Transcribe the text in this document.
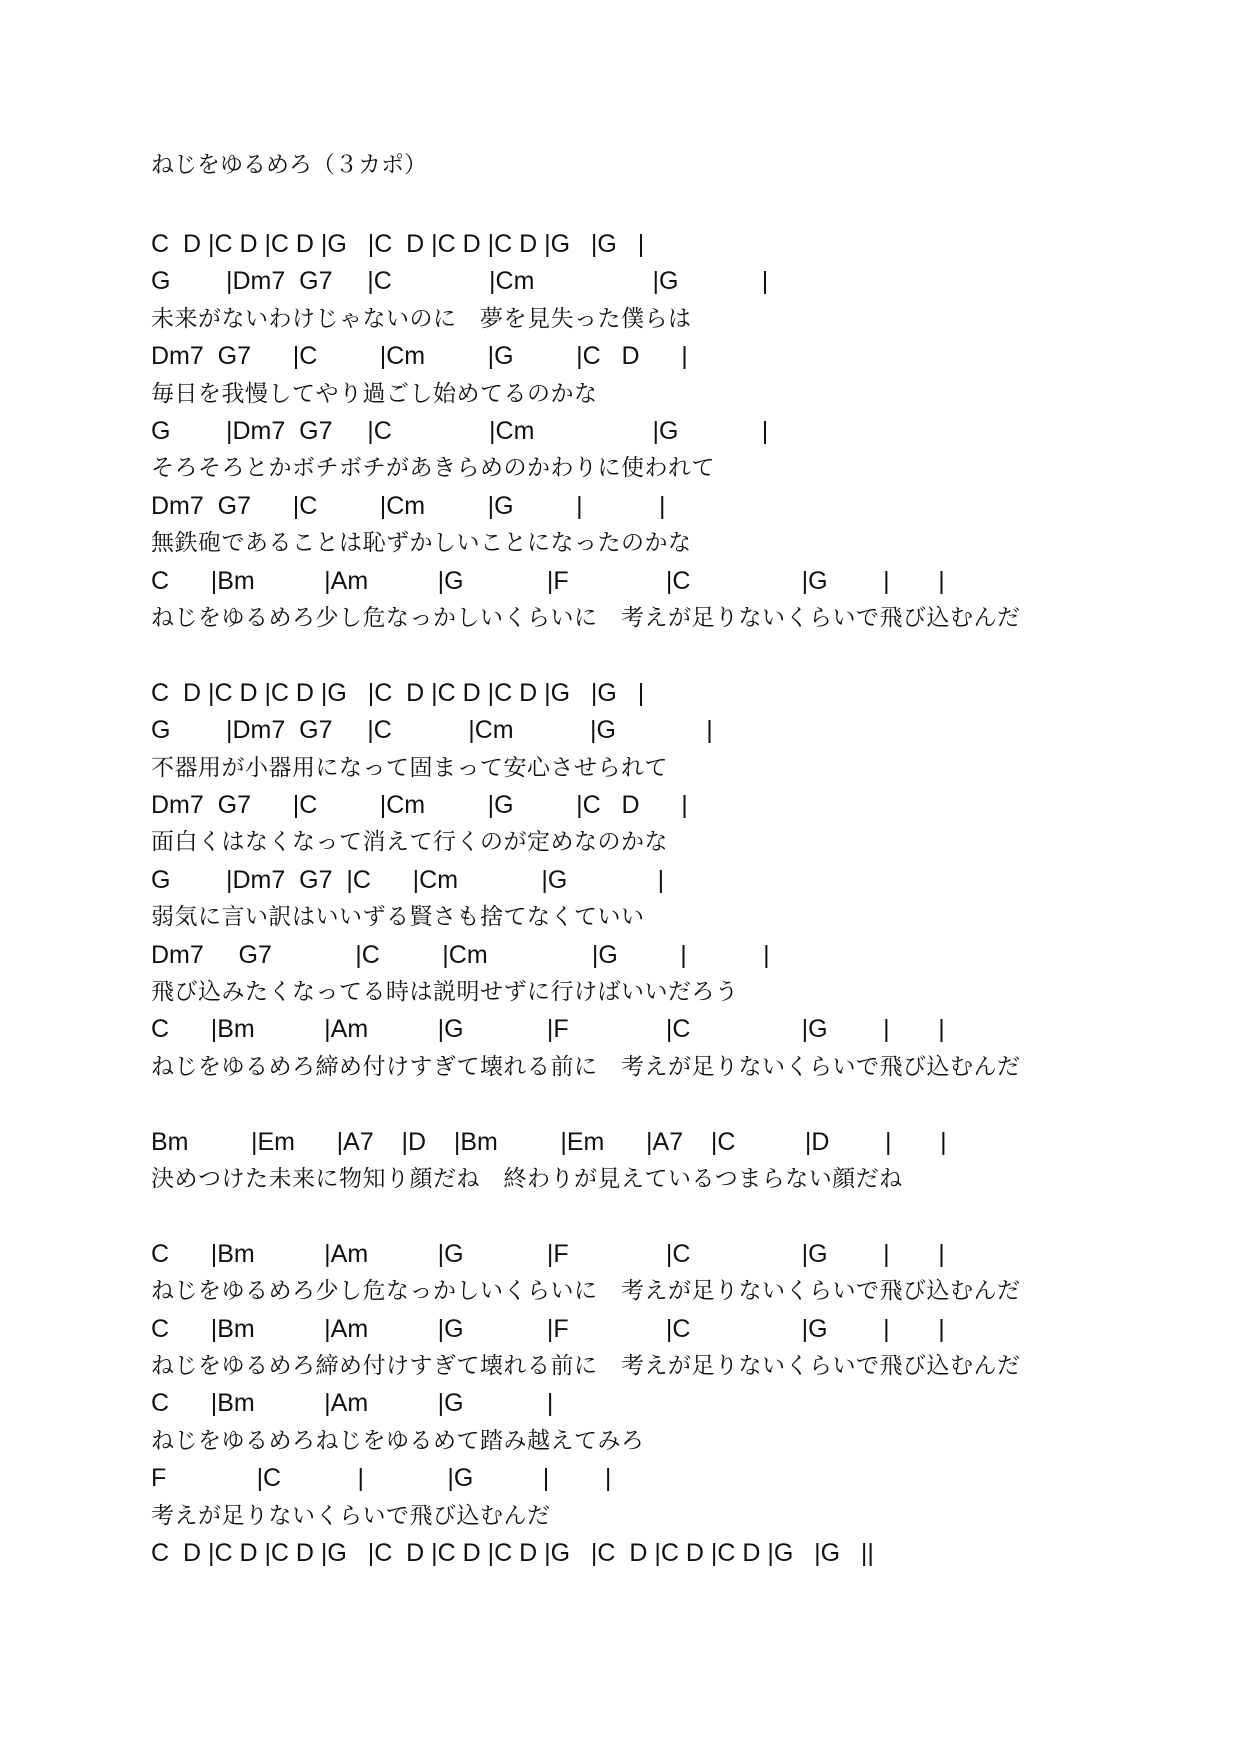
ねじをゆるめろ（３カポ）

C  D |C D |C D |G   |C  D |C D |C D |G   |G   |

G        |Dm7  G7     |C              |Cm                 |G            |

未来がないわけじゃないのに　夢を見失った僕らは

Dm7  G7      |C         |Cm         |G         |C   D      |

毎日を我慢してやり過ごし始めてるのかな

G        |Dm7  G7     |C              |Cm                 |G            |

そろそろとかボチボチがあきらめのかわりに使われて

Dm7  G7      |C         |Cm         |G         |           |

無鉄砲であることは恥ずかしいことになったのかな

C      |Bm          |Am          |G            |F              |C                |G        |       |

ねじをゆるめろ少し危なっかしいくらいに　考えが足りないくらいで飛び込むんだ

C  D |C D |C D |G   |C  D |C D |C D |G   |G   |

G        |Dm7  G7     |C           |Cm           |G             |

不器用が小器用になって固まって安心させられて

Dm7  G7      |C         |Cm         |G         |C   D      |

面白くはなくなって消えて行くのが定めなのかな

G        |Dm7  G7  |C      |Cm            |G             |

弱気に言い訳はいいずる賢さも捨てなくていい

Dm7     G7            |C         |Cm               |G         |           |

飛び込みたくなってる時は説明せずに行けばいいだろう

C      |Bm          |Am          |G            |F              |C                |G        |       |

ねじをゆるめろ締め付けすぎて壊れる前に　考えが足りないくらいで飛び込むんだ

Bm         |Em      |A7    |D    |Bm         |Em      |A7    |C          |D        |       |

決めつけた未来に物知り顔だね　終わりが見えているつまらない顔だね

C      |Bm          |Am          |G            |F              |C                |G        |       |

ねじをゆるめろ少し危なっかしいくらいに　考えが足りないくらいで飛び込むんだ

C      |Bm          |Am          |G            |F              |C                |G        |       |

ねじをゆるめろ締め付けすぎて壊れる前に　考えが足りないくらいで飛び込むんだ

C      |Bm          |Am          |G            |

ねじをゆるめろねじをゆるめて踏み越えてみろ

F             |C           |            |G          |        |

考えが足りないくらいで飛び込むんだ

C  D |C D |C D |G   |C  D |C D |C D |G   |C  D |C D |C D |G   |G   ||
